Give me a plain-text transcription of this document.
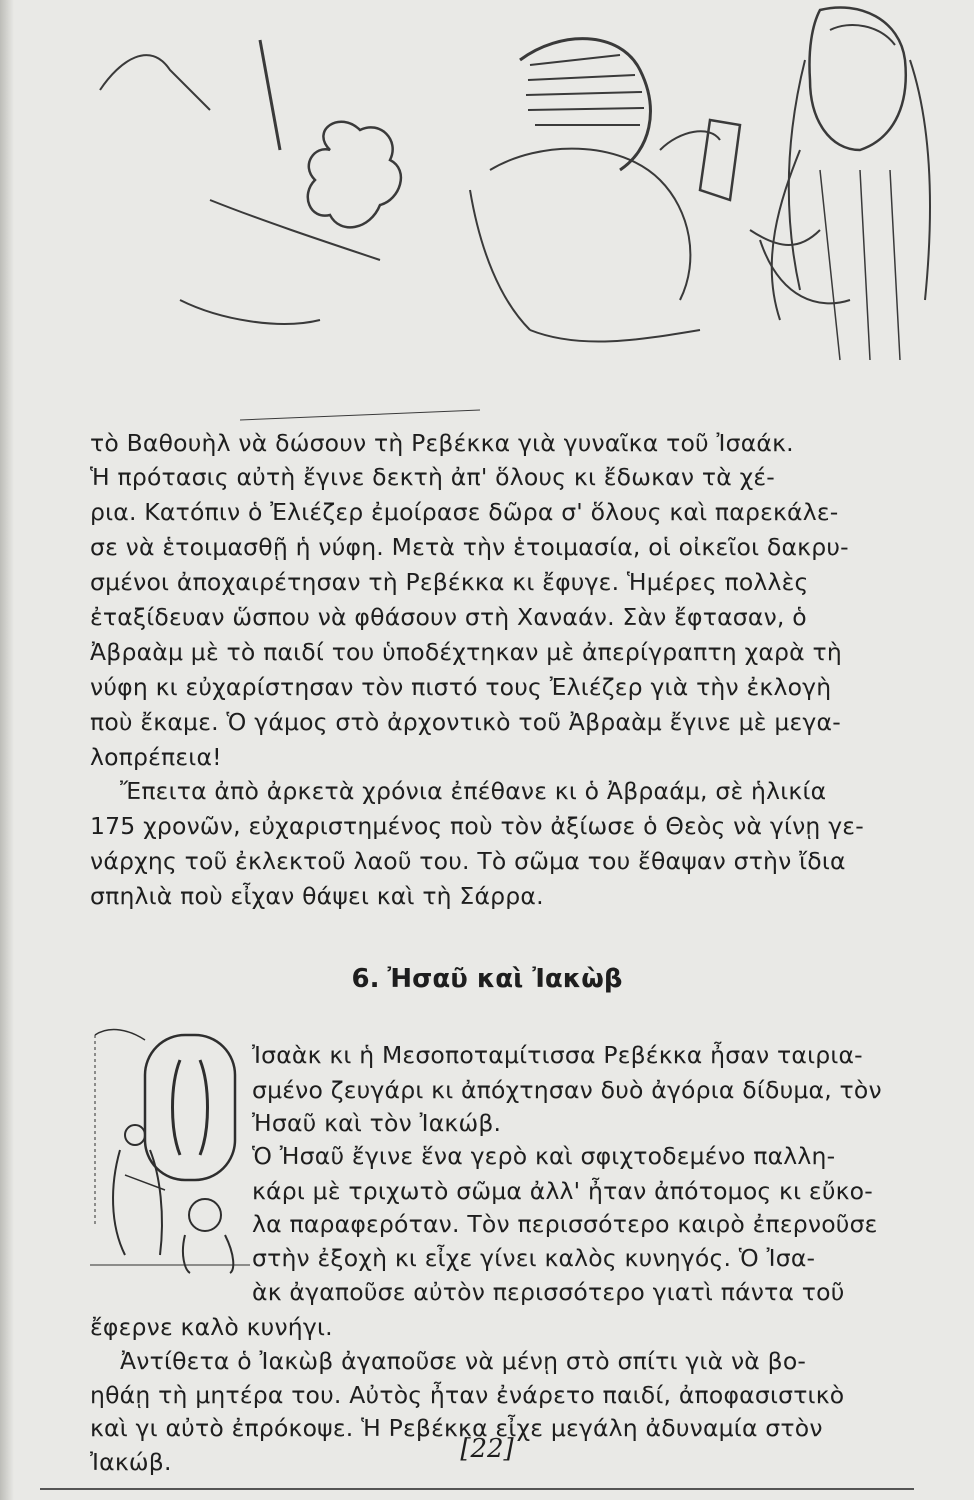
τὸ Βαθουὴλ νὰ δώσουν τὴ Ρεβέκκα γιὰ γυναῖκα τοῦ Ἰσαάκ.
Ἡ πρότασις αὐτὴ ἔγινε δεκτὴ ἀπ' ὅλους κι ἔδωκαν τὰ χέ-
ρια. Κατόπιν ὁ Ἐλιέζερ ἐμοίρασε δῶρα σ' ὅλους καὶ παρεκάλε-
σε νὰ ἑτοιμασθῇ ἡ νύφη. Μετὰ τὴν ἑτοιμασία, οἱ οἰκεῖοι δακρυ-
σμένοι ἀποχαιρέτησαν τὴ Ρεβέκκα κι ἔφυγε. Ἡμέρες πολλὲς
ἐταξίδευαν ὥσπου νὰ φθάσουν στὴ Χαναάν. Σὰν ἔφτασαν, ὁ
Ἀβραὰμ μὲ τὸ παιδί του ὑποδέχτηκαν μὲ ἀπερίγραπτη χαρὰ τὴ
νύφη κι εὐχαρίστησαν τὸν πιστό τους Ἐλιέζερ γιὰ τὴν ἐκλογὴ
ποὺ ἔκαμε. Ὁ γάμος στὸ ἀρχοντικὸ τοῦ Ἀβραὰμ ἔγινε μὲ μεγα-
λοπρέπεια!
Ἔπειτα ἀπὸ ἀρκετὰ χρόνια ἐπέθανε κι ὁ Ἀβραάμ, σὲ ἡλικία
175 χρονῶν, εὐχαριστημένος ποὺ τὸν ἀξίωσε ὁ Θεὸς νὰ γίνῃ γε-
νάρχης τοῦ ἐκλεκτοῦ λαοῦ του. Τὸ σῶμα του ἔθαψαν στὴν ἴδια
σπηλιὰ ποὺ εἶχαν θάψει καὶ τὴ Σάρρα.
6. Ἠσαῦ καὶ Ἰακὼβ
Ἰσαὰκ κι ἡ Μεσοποταμίτισσα Ρεβέκκα ἦσαν ταιρια-
σμένο ζευγάρι κι ἀπόχτησαν δυὸ ἀγόρια δίδυμα, τὸν
Ἠσαῦ καὶ τὸν Ἰακώβ.
Ὁ Ἠσαῦ ἔγινε ἕνα γερὸ καὶ σφιχτοδεμένο παλλη-
κάρι μὲ τριχωτὸ σῶμα ἀλλ' ἦταν ἀπότομος κι εὔκο-
λα παραφερόταν. Τὸν περισσότερο καιρὸ ἐπερνοῦσε
στὴν ἐξοχὴ κι εἶχε γίνει καλὸς κυνηγός. Ὁ Ἰσα-
ὰκ ἀγαποῦσε αὐτὸν περισσότερο γιατὶ πάντα τοῦ
ἔφερνε καλὸ κυνήγι.
Ἀντίθετα ὁ Ἰακὼβ ἀγαποῦσε νὰ μένῃ στὸ σπίτι γιὰ νὰ βο-
ηθάῃ τὴ μητέρα του. Αὐτὸς ἦταν ἐνάρετο παιδί, ἀποφασιστικὸ
καὶ γι αὐτὸ ἐπρόκοψε. Ἡ Ρεβέκκα εἶχε μεγάλη ἀδυναμία στὸν
Ἰακώβ.	[22]
